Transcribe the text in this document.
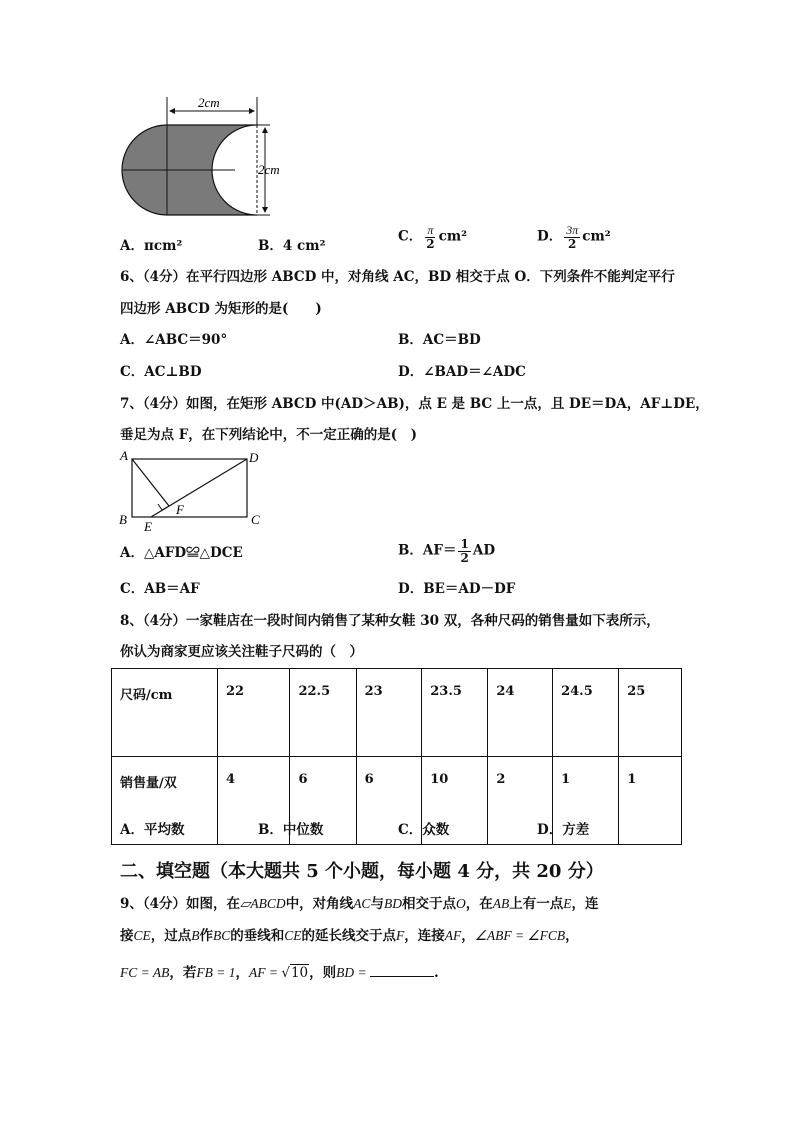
2cm
2cm
A．πcm²	B．4 cm²
C． $\frac{\pi}{2} cm^2$	D． $\frac{3\pi}{2} cm^2$
6、（4分）在平行四边形 ABCD 中，对角线 AC，BD 相交于点 O．下列条件不能判定平行
四边形 ABCD 为矩形的是(　　)
A．∠ABC＝90°	B．AC＝BD
C．AC⊥BD	D．∠BAD＝∠ADC
7、（4分）如图，在矩形 ABCD 中(AD＞AB)，点 E 是 BC 上一点，且 DE＝DA，AF⊥DE，
垂足为点 F，在下列结论中，不一定正确的是(　)
A	D
B	C
E
F
A．△AFD≌△DCE	B．$AF= \frac{1}{2}$ AD
C．AB＝AF	D．BE＝AD－DF
8、（4分）一家鞋店在一段时间内销售了某种女鞋 30 双，各种尺码的销售量如下表所示，
你认为商家更应该关注鞋子尺码的（　）
尺码/cm	22	22.5	23	23.5	24	24.5	25
销售量/双	4	6	6	10	2	1	1
A．平均数	B．中位数	C．众数	D．方差
二、填空题（本大题共 5 个小题，每小题 4 分，共 20 分）
9、（4分）如图，在▱ABCD中，对角线AC与BD相交于点O，在AB上有一点E，连
接CE，过点B作BC的垂线和CE的延长线交于点F，连接AF，∠ABF = ∠FCB，
FC = AB，若FB = 1，AF = √10，则BD =	.
